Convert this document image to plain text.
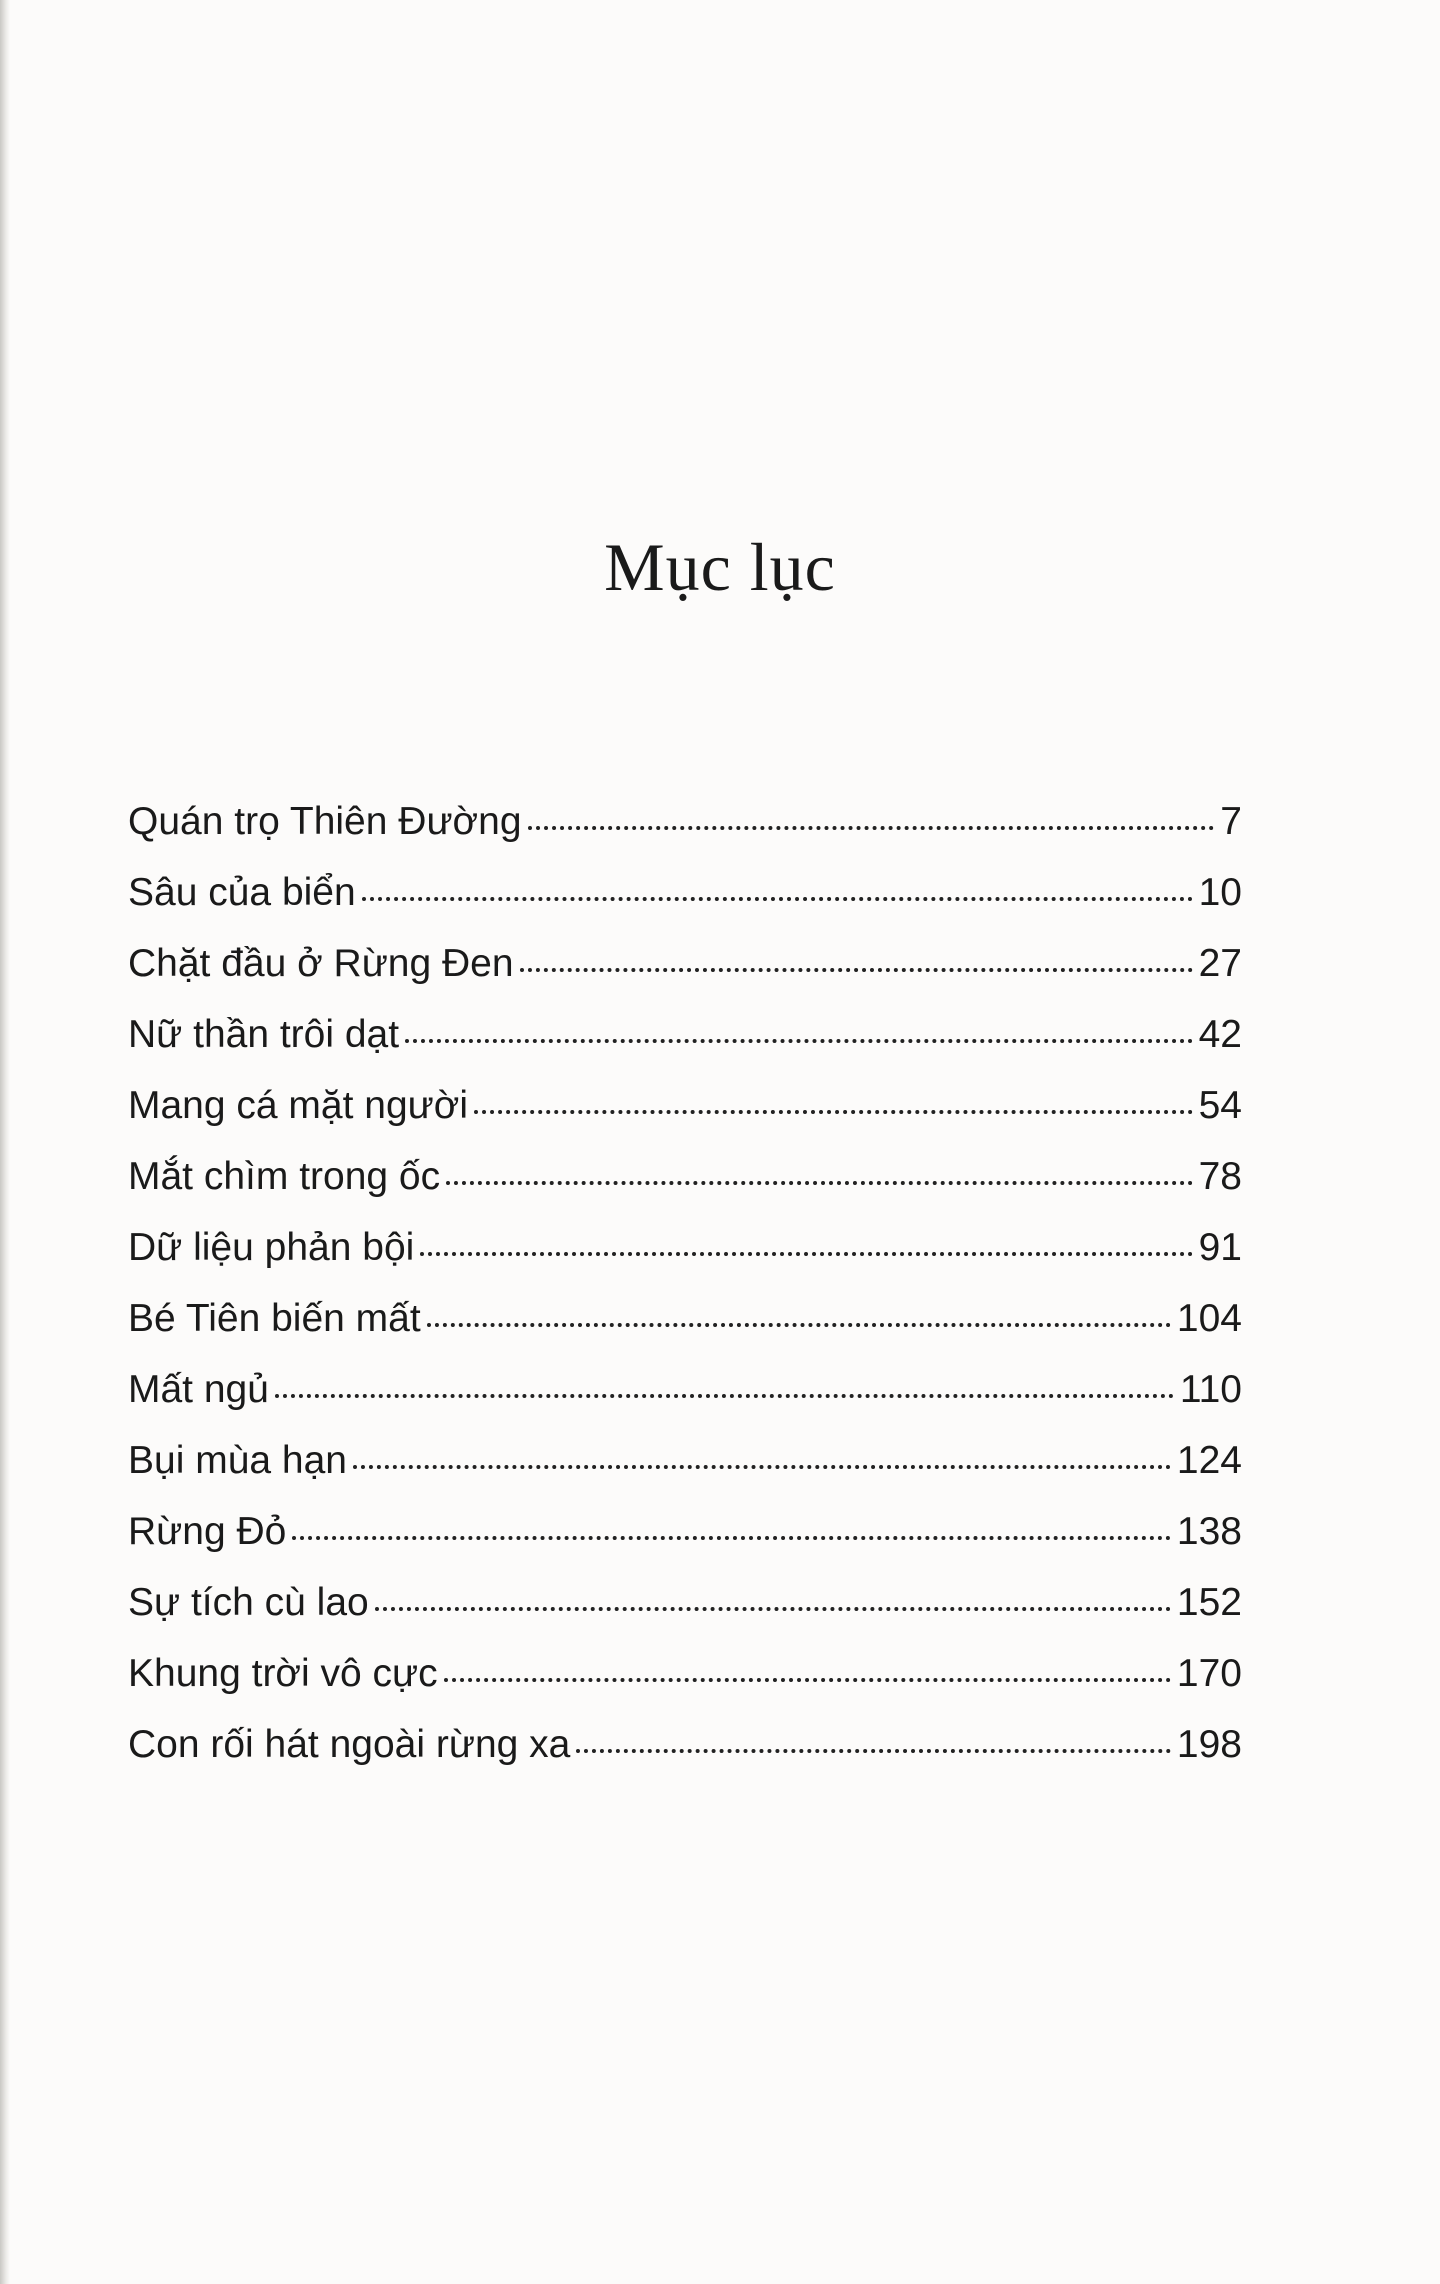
Mục lục
Quán trọ Thiên Đường	7
Sâu của biển	10
Chặt đầu ở Rừng Đen	27
Nữ thần trôi dạt	42
Mang cá mặt người	54
Mắt chìm trong ốc	78
Dữ liệu phản bội	91
Bé Tiên biến mất	104
Mất ngủ	110
Bụi mùa hạn	124
Rừng Đỏ	138
Sự tích cù lao	152
Khung trời vô cực	170
Con rối hát ngoài rừng xa	198
